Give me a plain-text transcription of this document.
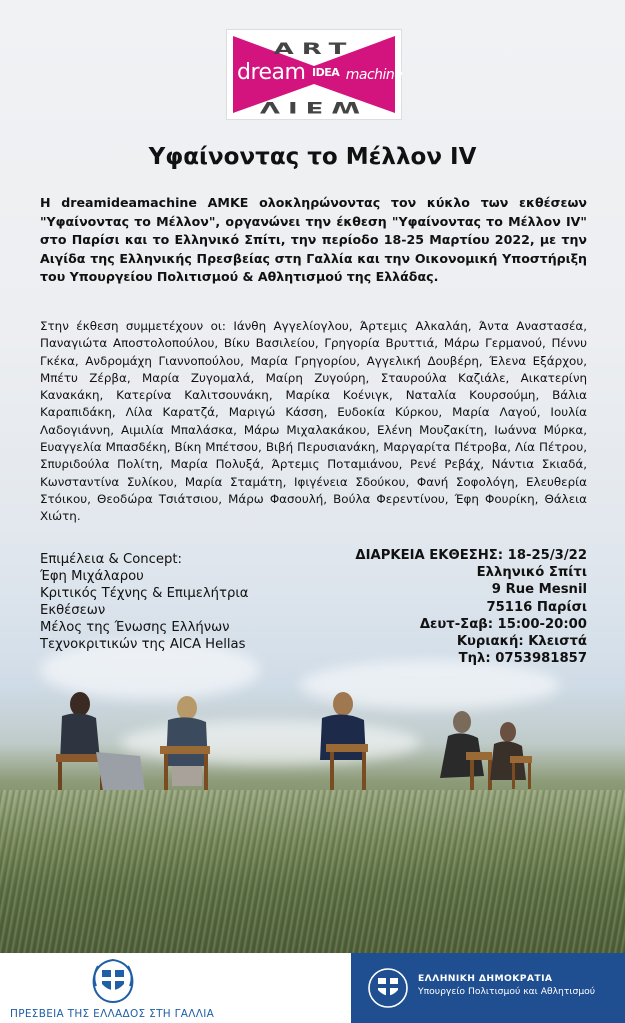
ART
dream IDEA machine
VIEW
Υφαίνοντας το Μέλλον IV
Η dreamideamachine ΑΜΚΕ ολοκληρώνοντας τον κύκλο των εκθέσεων "Υφαίνοντας το Μέλλον", οργανώνει την έκθεση "Υφαίνοντας το Μέλλον IV" στο Παρίσι και το Ελληνικό Σπίτι, την περίοδο 18-25 Μαρτίου 2022, με την Αιγίδα της Ελληνικής Πρεσβείας στη Γαλλία και την Οικονομική Υποστήριξη του Υπουργείου Πολιτισμού & Αθλητισμού της Ελλάδας.
Στην έκθεση συμμετέχουν οι: Ιάνθη Αγγελίογλου, Άρτεμις Αλκαλάη, Άντα Αναστασέα, Παναγιώτα Αποστολοπούλου, Βίκυ Βασιλείου, Γρηγορία Βρυττιά, Μάρω Γερμανού, Πέννυ Γκέκα, Ανδρομάχη Γιαννοπούλου, Μαρία Γρηγορίου, Αγγελική Δουβέρη, Έλενα Εξάρχου, Μπέτυ Ζέρβα, Μαρία Ζυγομαλά, Μαίρη Ζυγούρη, Σταυρούλα Καζιάλε, Αικατερίνη Κανακάκη, Κατερίνα Καλιτσουνάκη, Μαρίκα Κοένιγκ, Ναταλία Κουρσούμη, Βάλια Καραπιδάκη, Λίλα Καρατζά, Μαριγώ Κάσση, Ευδοκία Κύρκου, Μαρία Λαγού, Ιουλία Λαδογιάννη, Αιμιλία Μπαλάσκα, Μάρω Μιχαλακάκου, Ελένη Μουζακίτη, Ιωάννα Μύρκα, Ευαγγελία Μπασδέκη, Βίκη Μπέτσου, Βιβή Περυσιανάκη, Μαργαρίτα Πέτροβα, Λία Πέτρου, Σπυριδούλα Πολίτη, Μαρία Πολυξά, Άρτεμις Ποταμιάνου, Ρενέ Ρεβάχ, Νάντια Σκιαδά, Κωνσταντίνα Συλίκου, Μαρία Σταμάτη, Ιφιγένεια Σδούκου, Φανή Σοφολόγη, Ελευθερία Στόικου, Θεοδώρα Τσιάτσιου, Μάρω Φασουλή, Βούλα Φερεντίνου, Έφη Φουρίκη, Θάλεια Χιώτη.
Επιμέλεια & Concept:
Έφη Μιχάλαρου
Κριτικός Τέχνης & Επιμελήτρια
Εκθέσεων
Μέλος της Ένωσης Ελλήνων
Τεχνοκριτικών της AICA Hellas
ΔΙΑΡΚΕΙΑ ΕΚΘΕΣΗΣ: 18-25/3/22
Ελληνικό Σπίτι
9 Rue Mesnil
75116 Παρίσι
Δευτ-Σαβ: 15:00-20:00
Κυριακή: Κλειστά
Τηλ: 0753981857
ΠΡΕΣΒΕΙΑ ΤΗΣ ΕΛΛΑΔΟΣ ΣΤΗ ΓΑΛΛΙΑ
ΕΛΛΗΝΙΚΗ ΔΗΜΟΚΡΑΤΙΑ
Υπουργείο Πολιτισμού και Αθλητισμού
